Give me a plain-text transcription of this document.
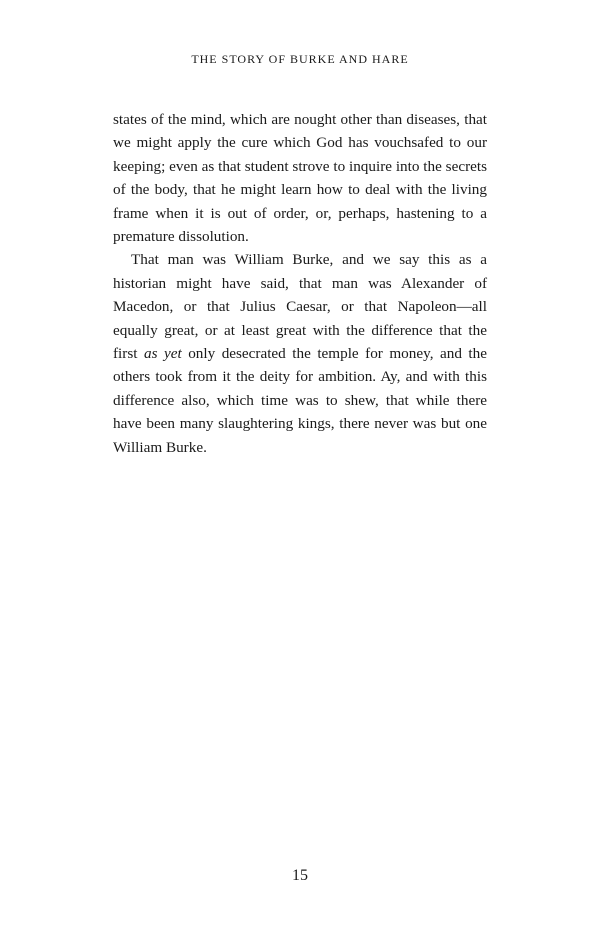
THE STORY OF BURKE AND HARE

states of the mind, which are nought other than diseases, that we might apply the cure which God has vouchsafed to our keeping; even as that student strove to inquire into the secrets of the body, that he might learn how to deal with the living frame when it is out of order, or, perhaps, hastening to a premature dissolution.

That man was William Burke, and we say this as a historian might have said, that man was Alexander of Macedon, or that Julius Caesar, or that Napoleon—all equally great, or at least great with the difference that the first as yet only desecrated the temple for money, and the others took from it the deity for ambition. Ay, and with this difference also, which time was to shew, that while there have been many slaughtering kings, there never was but one William Burke.

15
